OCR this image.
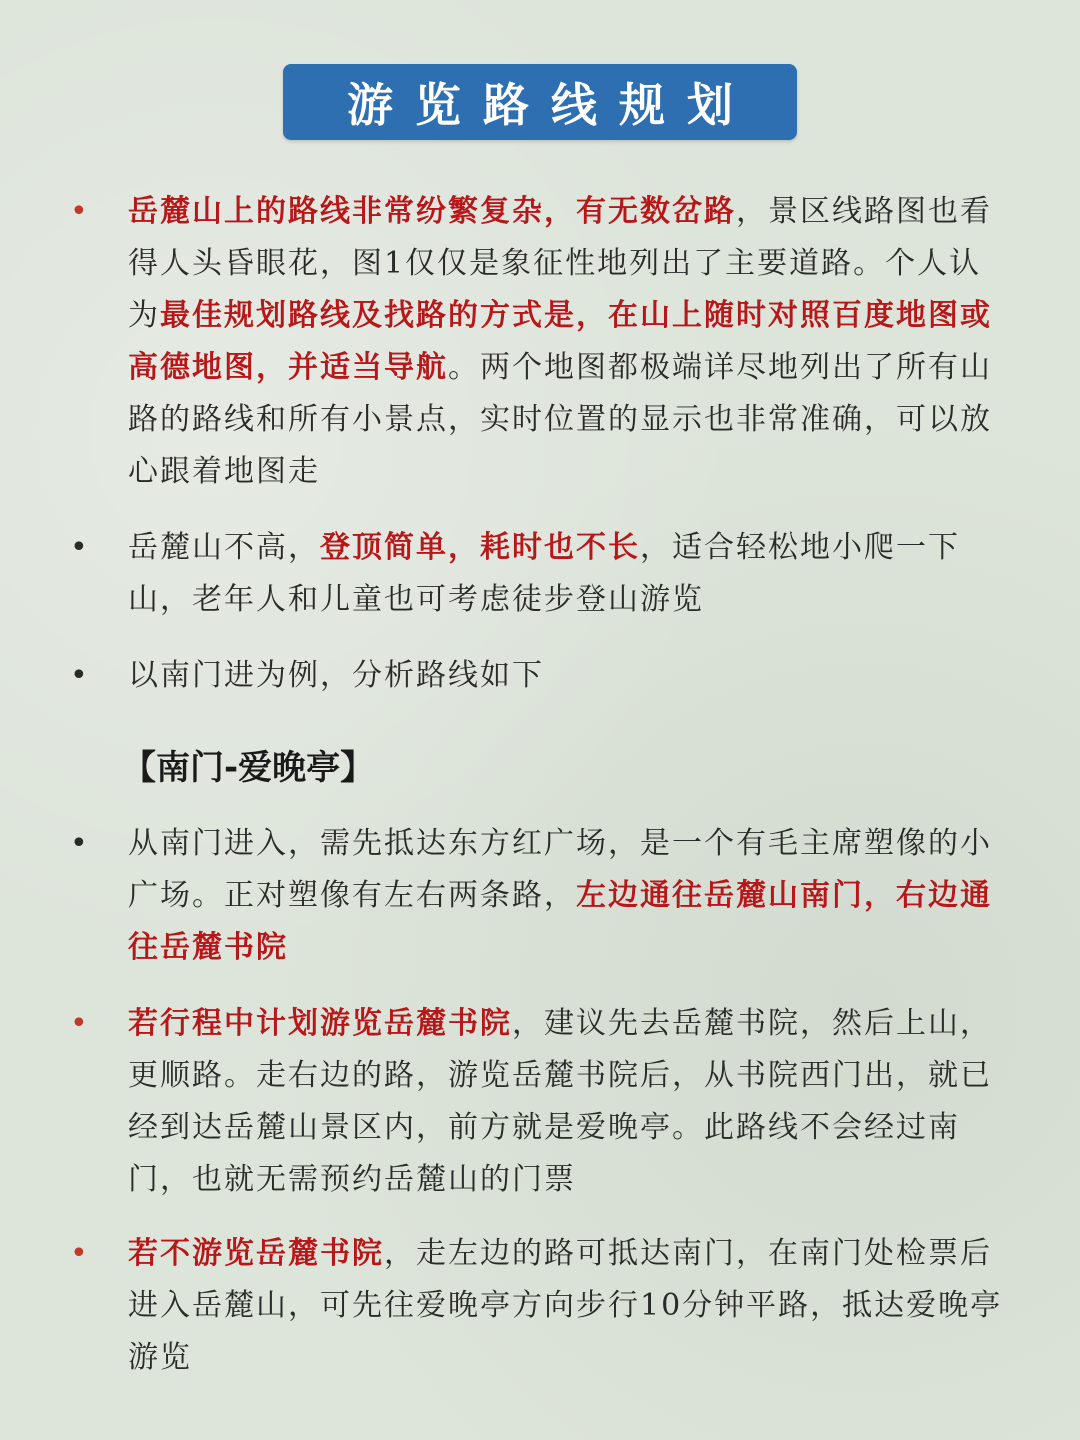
游览路线规划
• 岳麓山上的路线非常纷繁复杂，有无数岔路，景区线路图也看得人头昏眼花，图1仅仅是象征性地列出了主要道路。个人认为最佳规划路线及找路的方式是，在山上随时对照百度地图或高德地图，并适当导航。两个地图都极端详尽地列出了所有山路的路线和所有小景点，实时位置的显示也非常准确，可以放心跟着地图走
• 岳麓山不高，登顶简单，耗时也不长，适合轻松地小爬一下山，老年人和儿童也可考虑徒步登山游览
• 以南门进为例，分析路线如下
【南门-爱晚亭】
• 从南门进入，需先抵达东方红广场，是一个有毛主席塑像的小广场。正对塑像有左右两条路，左边通往岳麓山南门，右边通往岳麓书院
• 若行程中计划游览岳麓书院，建议先去岳麓书院，然后上山，更顺路。走右边的路，游览岳麓书院后，从书院西门出，就已经到达岳麓山景区内，前方就是爱晚亭。此路线不会经过南门，也就无需预约岳麓山的门票
• 若不游览岳麓书院，走左边的路可抵达南门，在南门处检票后进入岳麓山，可先往爱晚亭方向步行10分钟平路，抵达爱晚亭游览
